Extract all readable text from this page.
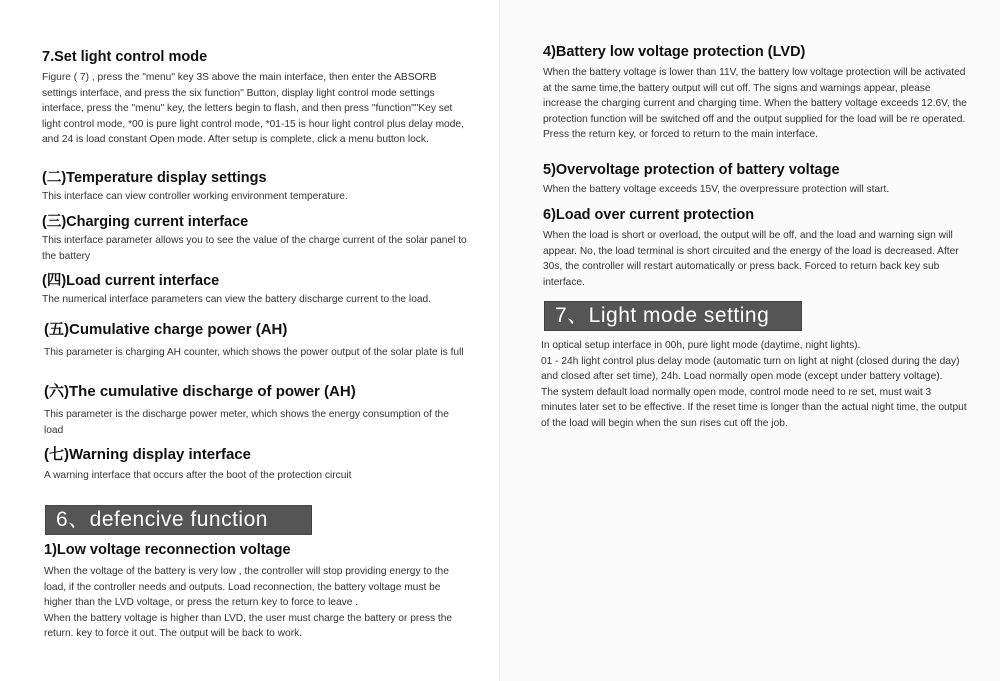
7.Set light control mode

Figure ( 7) , press the "menu" key 3S above the main interface, then enter the ABSORB settings interface, and press the six function" Button, display light control mode settings interface, press the "menu" key, the letters begin to flash, and then press "function""Key set light control mode, *00 is pure light control mode, *01-15 is hour light control plus delay mode, and 24 is load constant Open mode. After setup is complete, click a menu button lock.

(二)Temperature display settings

This interface can view controller working environment temperature.

(三)Charging current interface

This interface parameter allows you to see the value of the charge current of the solar panel to the battery

(四)Load current interface

The numerical interface parameters can view the battery discharge current to the load.

(五)Cumulative charge power (AH)

This parameter is charging AH counter, which shows the power output of the solar plate is full

(六)The cumulative discharge of power (AH)

This parameter is the discharge power meter, which shows the energy consumption of the load

(七)Warning display interface

A warning interface that occurs after the boot of the protection circuit

6、defencive function
1)Low voltage reconnection voltage

When the voltage of the battery is very low , the controller will stop providing energy to the load, if the controller needs and outputs. Load reconnection, the battery voltage must be higher than the LVD voltage, or press the return key to force to leave .

When the battery voltage is higher than LVD, the user must charge the battery or press the return. key to force it out. The output will be back to work.

4)Battery low voltage protection (LVD)

When the battery voltage is lower than 11V, the battery low voltage protection will be activated at the same time,the battery output will cut off. The signs and warnings appear, please increase the charging current and charging time. When the battery voltage exceeds 12.6V, the protection function will be switched off and the output supplied for the load will be re operated. Press the return key, or forced to return to the main interface.

5)Overvoltage protection of battery voltage

When the battery voltage exceeds 15V, the overpressure protection will start.

6)Load over current protection

When the load is short or overload, the output will be off, and the load and warning sign will appear. No, the load terminal is short circuited and the energy of the load is decreased. After 30s, the controller will restart automatically or press back. Forced to return back key sub interface.

7、Light mode setting

In optical setup interface in 00h, pure light mode (daytime, night lights).

01 - 24h light control plus delay mode (automatic turn on light at night (closed during the day) and closed after set time), 24h. Load normally open mode (except under battery voltage).

The system default load normally open mode, control mode need to re set, must wait 3 minutes later set to be effective. If the reset time is longer than the actual night time, the output of the load will begin when the sun rises cut off the job.
